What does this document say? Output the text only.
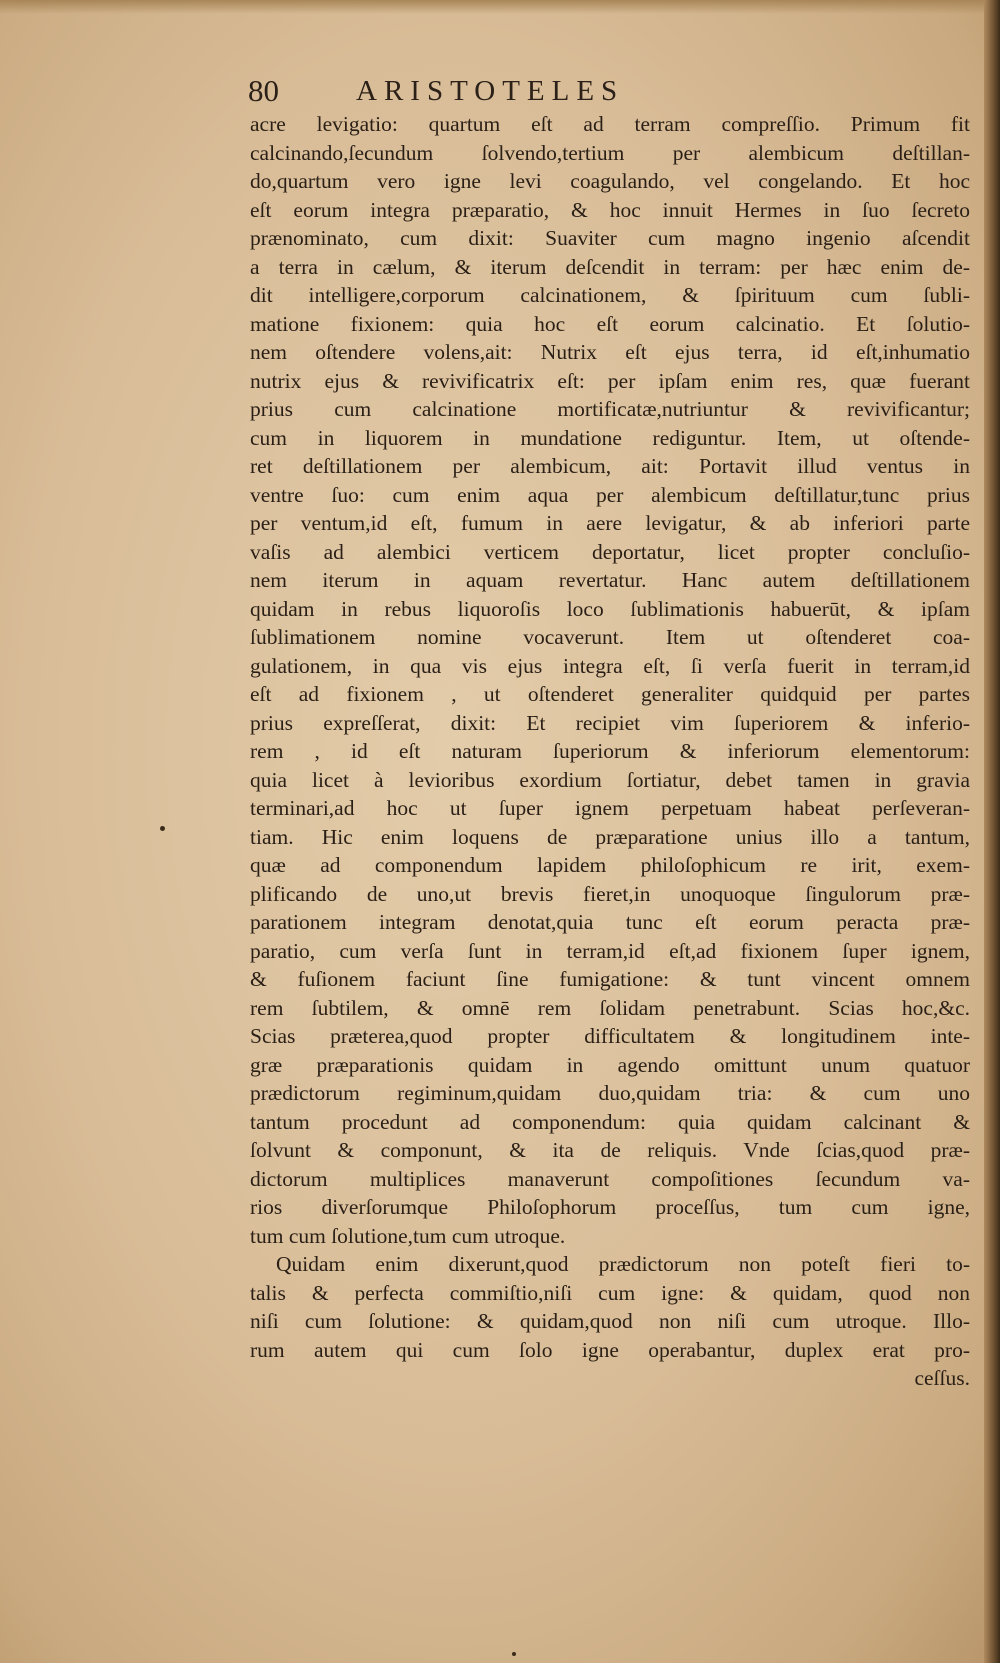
80	ARISTOTELES
acre levigatio: quartum eſt ad terram compreſſio. Primum fit
calcinando,ſecundum ſolvendo,tertium per alembicum deſtillan-
do,quartum vero igne levi coagulando, vel congelando. Et hoc
eſt eorum integra præparatio, & hoc innuit Hermes in ſuo ſecreto
prænominato, cum dixit: Suaviter cum magno ingenio aſcendit
a terra in cælum, & iterum deſcendit in terram: per hæc enim de-
dit intelligere,corporum calcinationem, & ſpirituum cum ſubli-
matione fixionem: quia hoc eſt eorum calcinatio. Et ſolutio-
nem oſtendere volens,ait: Nutrix eſt ejus terra, id eſt,inhumatio
nutrix ejus & revivificatrix eſt: per ipſam enim res, quæ fuerant
prius cum calcinatione mortificatæ,nutriuntur & revivificantur;
cum in liquorem in mundatione rediguntur. Item, ut oſtende-
ret deſtillationem per alembicum, ait: Portavit illud ventus in
ventre ſuo: cum enim aqua per alembicum deſtillatur,tunc prius
per ventum,id eſt, fumum in aere levigatur, & ab inferiori parte
vaſis ad alembici verticem deportatur, licet propter concluſio-
nem iterum in aquam revertatur. Hanc autem deſtillationem
quidam in rebus liquoroſis loco ſublimationis habuerūt, & ipſam
ſublimationem nomine vocaverunt. Item ut oſtenderet coa-
gulationem, in qua vis ejus integra eſt, ſi verſa fuerit in terram,id
eſt ad fixionem , ut oſtenderet generaliter quidquid per partes
prius expreſſerat, dixit: Et recipiet vim ſuperiorem & inferio-
rem , id eſt naturam ſuperiorum & inferiorum elementorum:
quia licet à levioribus exordium ſortiatur, debet tamen in gravia
terminari,ad hoc ut ſuper ignem perpetuam habeat perſeveran-
tiam. Hic enim loquens de præparatione unius illo a tantum,
quæ ad componendum lapidem philoſophicum re irit, exem-
plificando de uno,ut brevis fieret,in unoquoque ſingulorum præ-
parationem integram denotat,quia tunc eſt eorum peracta præ-
paratio, cum verſa ſunt in terram,id eſt,ad fixionem ſuper ignem,
& fuſionem faciunt ſine fumigatione: & tunt vincent omnem
rem ſubtilem, & omnē rem ſolidam penetrabunt. Scias hoc,&c.
Scias præterea,quod propter difficultatem & longitudinem inte-
græ præparationis quidam in agendo omittunt unum quatuor
prædictorum regiminum,quidam duo,quidam tria: & cum uno
tantum procedunt ad componendum: quia quidam calcinant &
ſolvunt & componunt, & ita de reliquis. Vnde ſcias,quod præ-
dictorum multiplices manaverunt compoſitiones ſecundum va-
rios diverſorumque Philoſophorum proceſſus, tum cum igne,
tum cum ſolutione,tum cum utroque.
Quidam enim dixerunt,quod prædictorum non poteſt fieri to-
talis & perfecta commiſtio,niſi cum igne: & quidam, quod non
niſi cum ſolutione: & quidam,quod non niſi cum utroque. Illo-
rum autem qui cum ſolo igne operabantur, duplex erat pro-
ceſſus.
